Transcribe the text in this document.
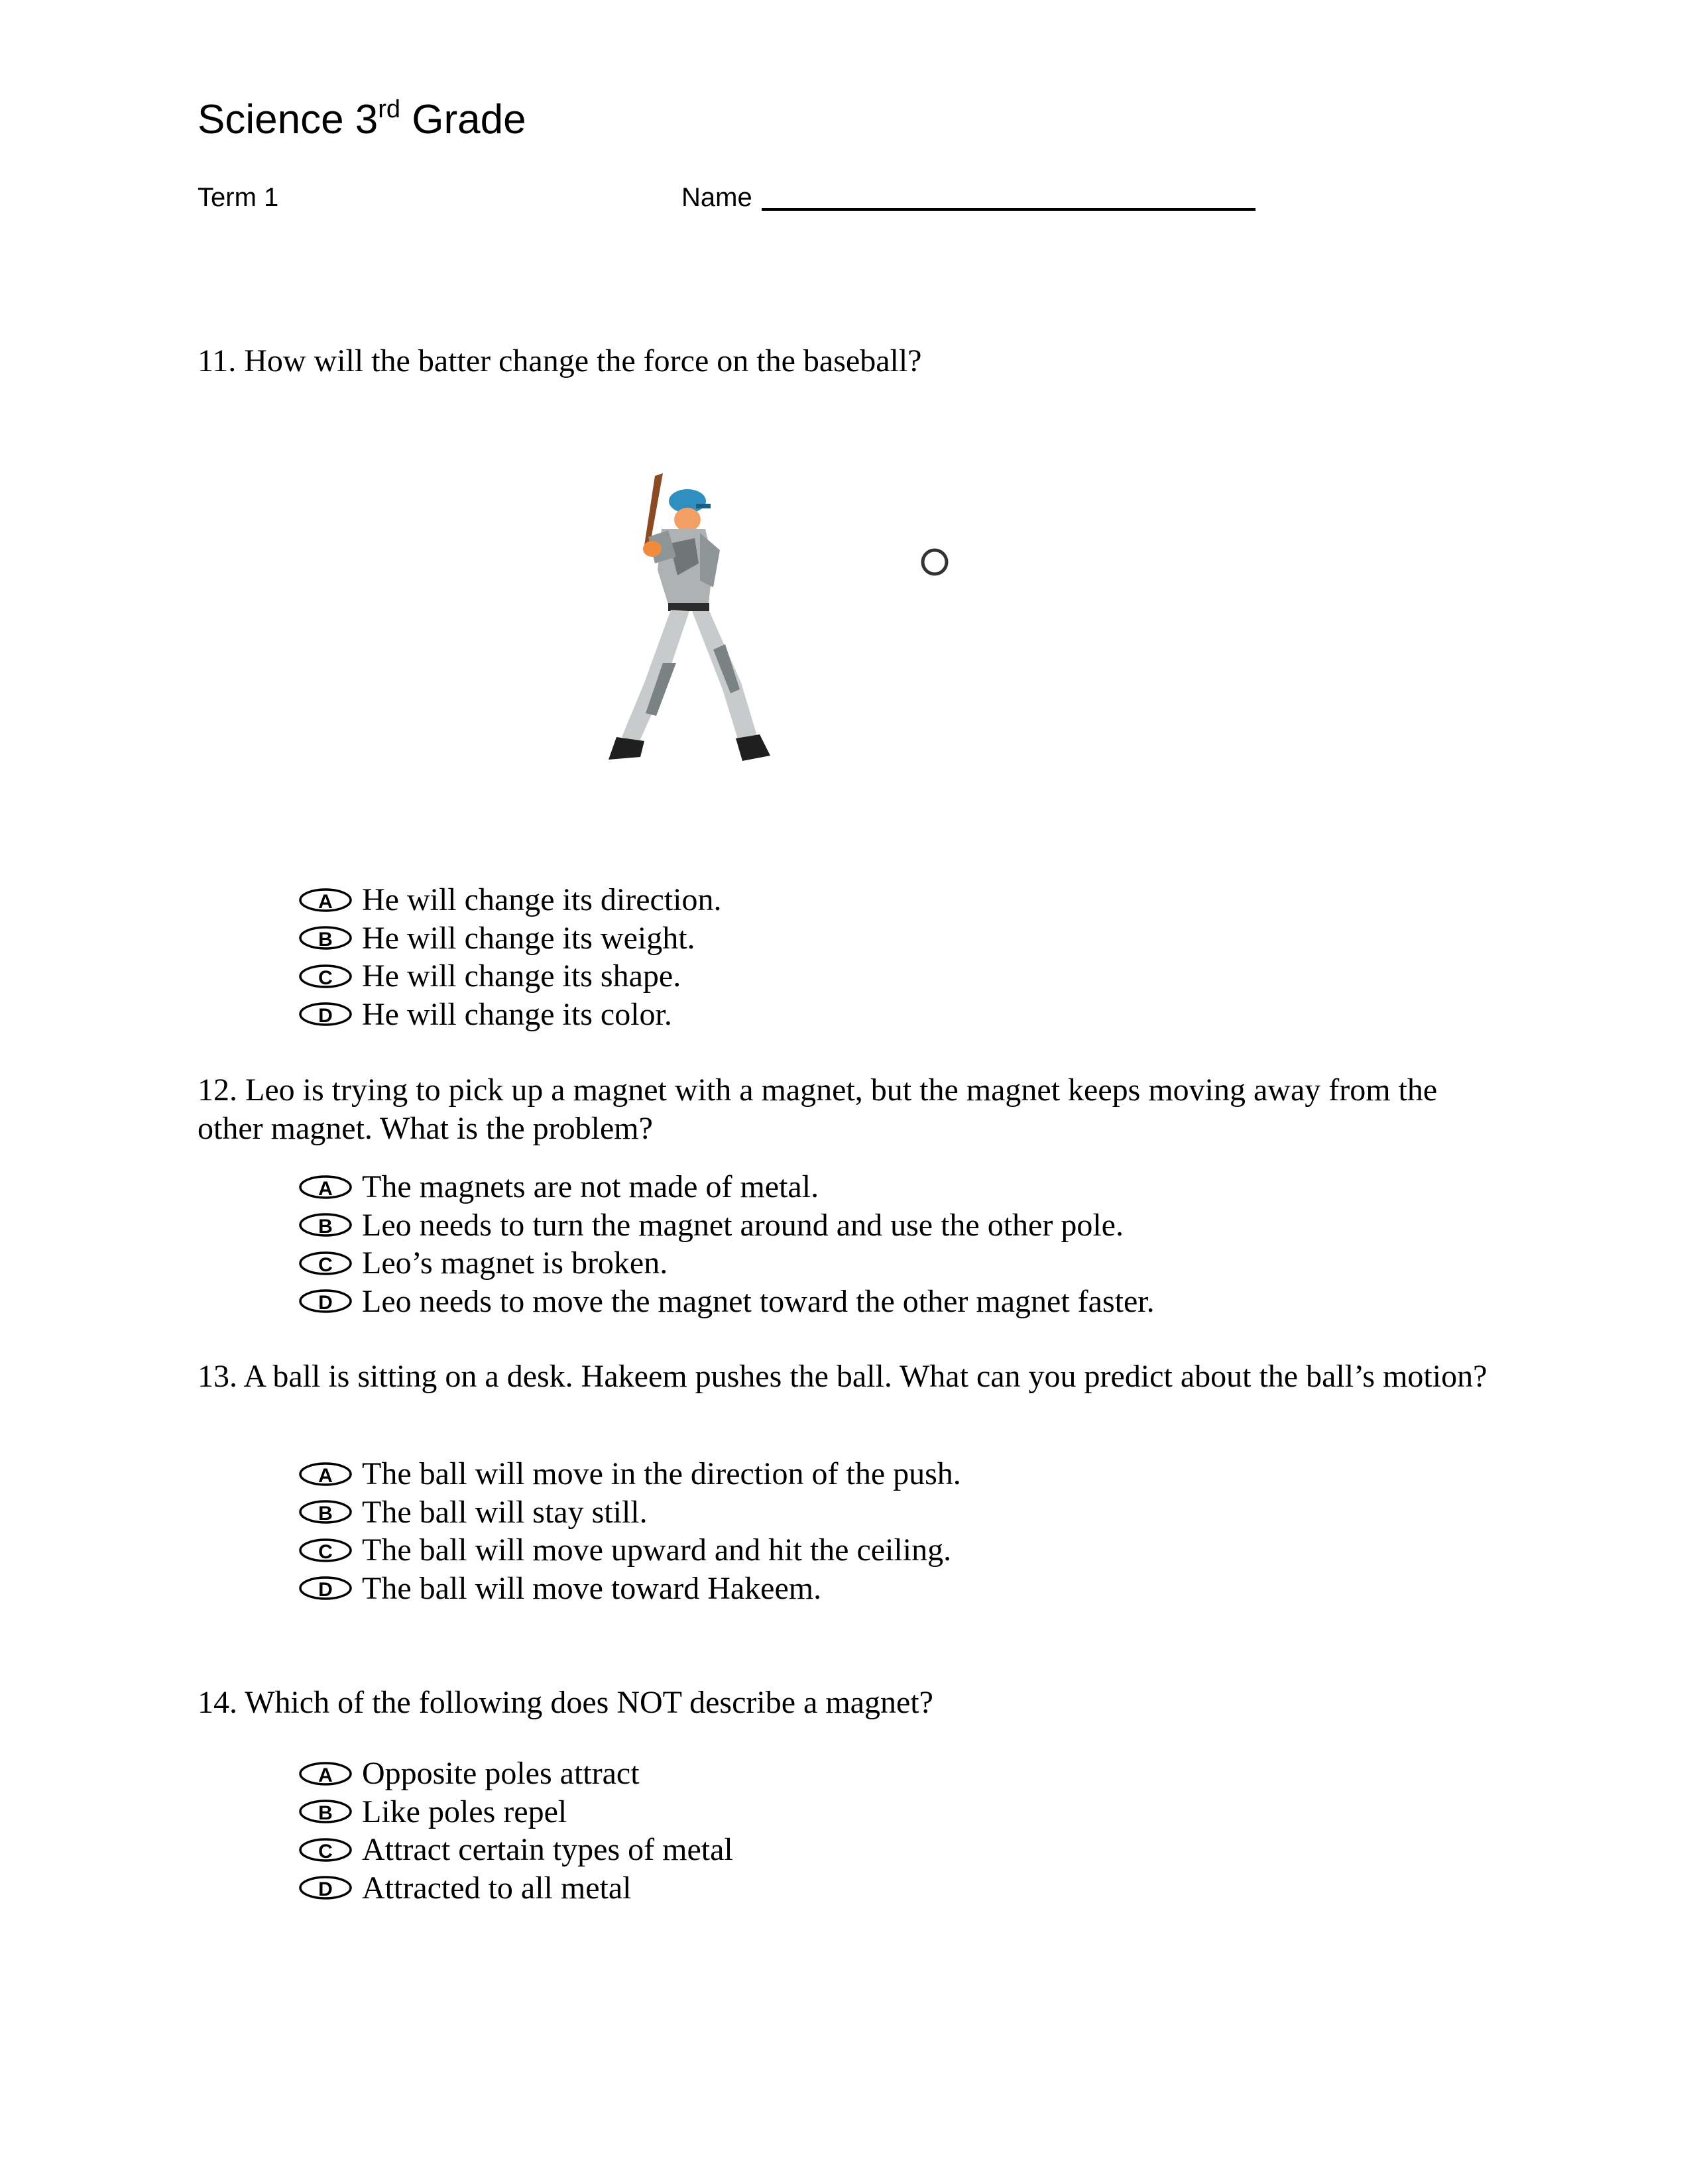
Science 3rd Grade
Term 1	Name
11. How will the batter change the force on the baseball?
A He will change its direction.
B He will change its weight.
C He will change its shape.
D He will change its color.
12. Leo is trying to pick up a magnet with a magnet, but the magnet keeps moving away from the other magnet. What is the problem?
A The magnets are not made of metal.
B Leo needs to turn the magnet around and use the other pole.
C Leo’s magnet is broken.
D Leo needs to move the magnet toward the other magnet faster.
13. A ball is sitting on a desk. Hakeem pushes the ball. What can you predict about the ball’s motion?
A The ball will move in the direction of the push.
B The ball will stay still.
C The ball will move upward and hit the ceiling.
D The ball will move toward Hakeem.
14. Which of the following does NOT describe a magnet?
A Opposite poles attract
B Like poles repel
C Attract certain types of metal
D Attracted to all metal
